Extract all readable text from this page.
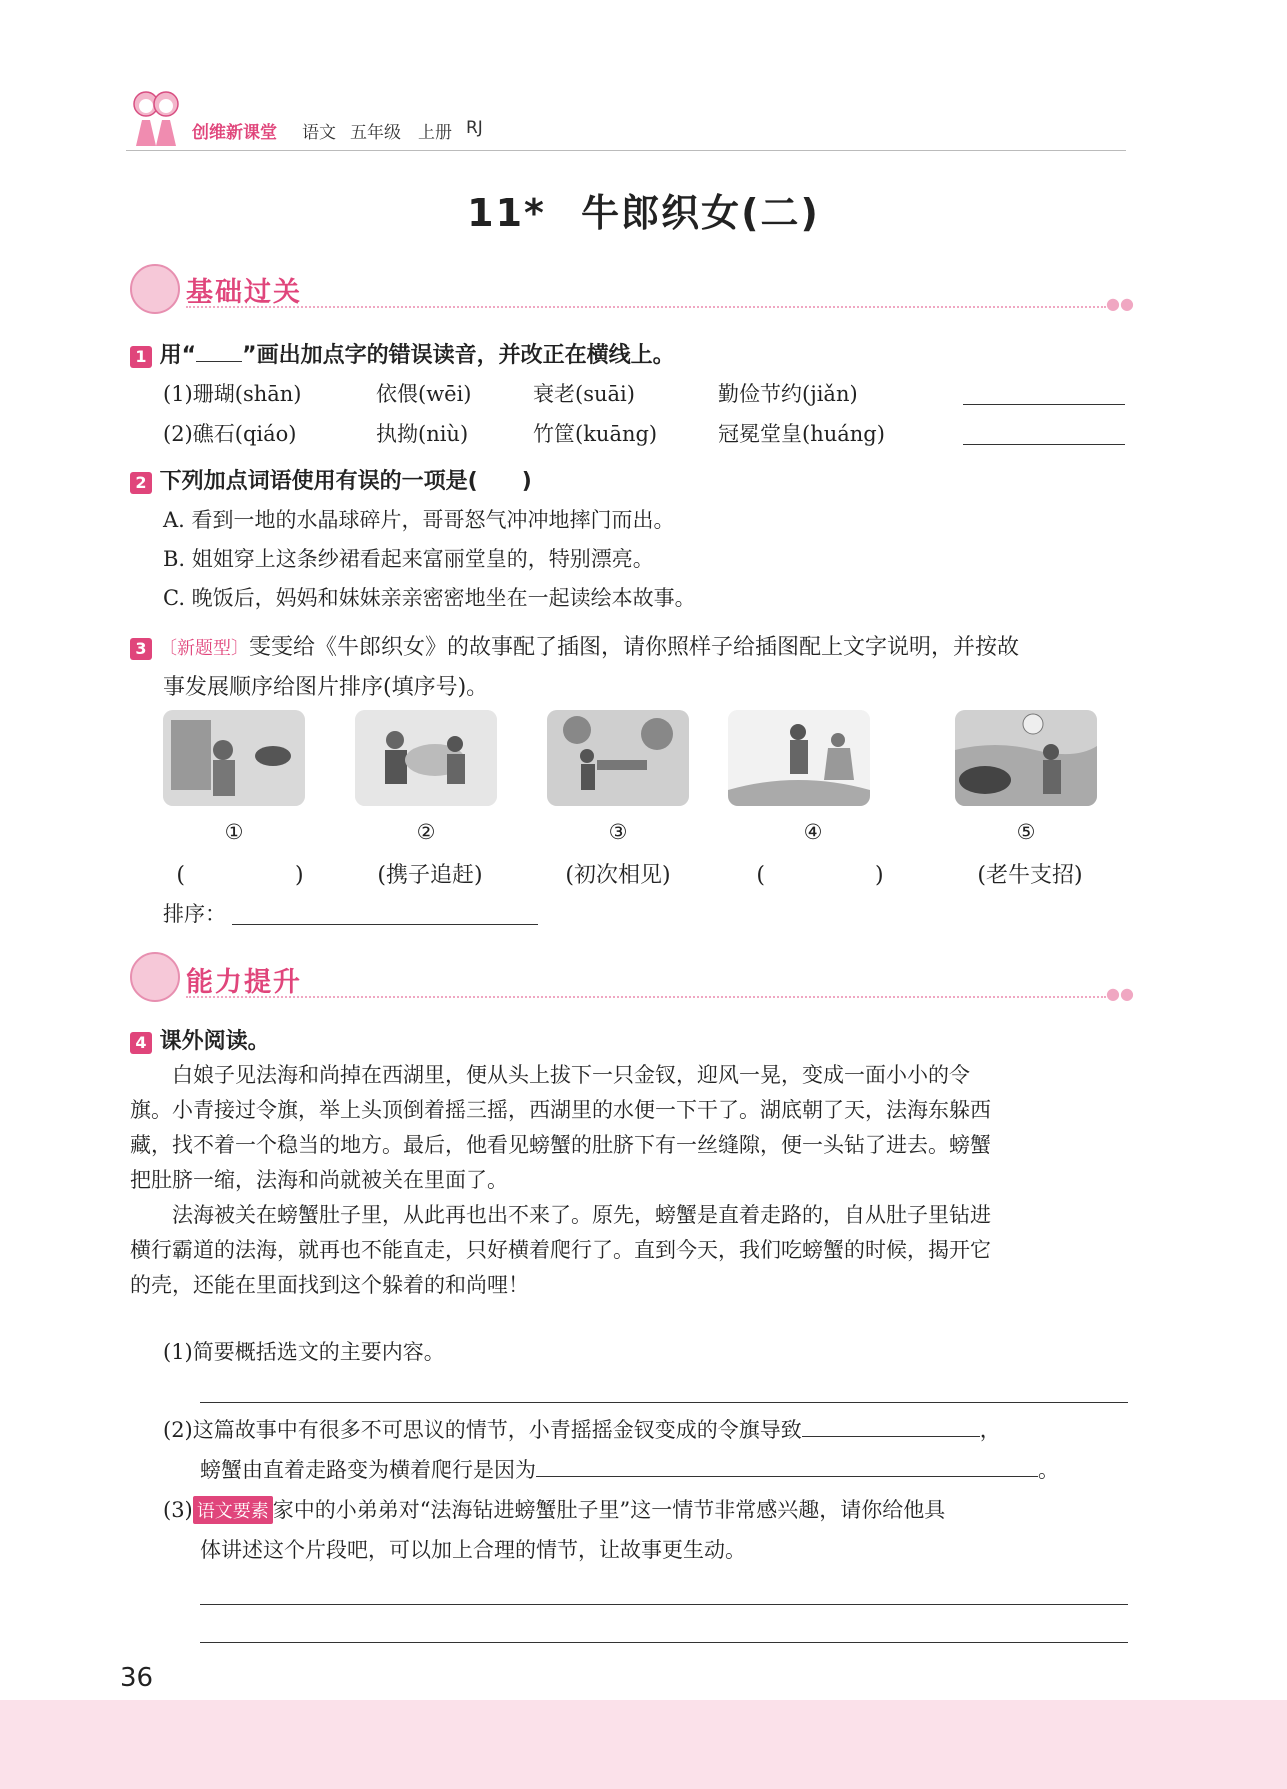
创维新课堂 语文 五年级 上册 RJ
11* 牛郎织女(二)
基础过关	●●
1 用“ ”画出加点字的错误读音，并改正在横线上。
(1)珊瑚(shān)	依偎(wēi)	衰老(suāi)	勤俭节约(jiǎn)
(2)礁石(qiáo)	执拗(niù)	竹筐(kuāng)	冠冕堂皇(huáng)
2 下列加点词语使用有误的一项是(　　)
A. 看到一地的水晶球碎片，哥哥怒气冲冲地摔门而出。
B. 姐姐穿上这条纱裙看起来富丽堂皇的，特别漂亮。
C. 晚饭后，妈妈和妹妹亲亲密密地坐在一起读绘本故事。
3 〔新题型〕雯雯给《牛郎织女》的故事配了插图，请你照样子给插图配上文字说明，并按故
事发展顺序给图片排序(填序号)。
①	②	③	④	⑤
(　　　　　)	(携子追赶)	(初次相见)	(　　　　　)	(老牛支招)
排序：
能力提升	●●
4 课外阅读。
　　白娘子见法海和尚掉在西湖里，便从头上拔下一只金钗，迎风一晃，变成一面小小的令
旗。小青接过令旗，举上头顶倒着摇三摇，西湖里的水便一下干了。湖底朝了天，法海东躲西
藏，找不着一个稳当的地方。最后，他看见螃蟹的肚脐下有一丝缝隙，便一头钻了进去。螃蟹
把肚脐一缩，法海和尚就被关在里面了。
　　法海被关在螃蟹肚子里，从此再也出不来了。原先，螃蟹是直着走路的，自从肚子里钻进
横行霸道的法海，就再也不能直走，只好横着爬行了。直到今天，我们吃螃蟹的时候，揭开它
的壳，还能在里面找到这个躲着的和尚哩！
(1)简要概括选文的主要内容。
(2)这篇故事中有很多不可思议的情节，小青摇摇金钗变成的令旗导致	，
螃蟹由直着走路变为横着爬行是因为	。
(3) 语文要素 家中的小弟弟对“法海钻进螃蟹肚子里”这一情节非常感兴趣，请你给他具
体讲述这个片段吧，可以加上合理的情节，让故事更生动。
36
